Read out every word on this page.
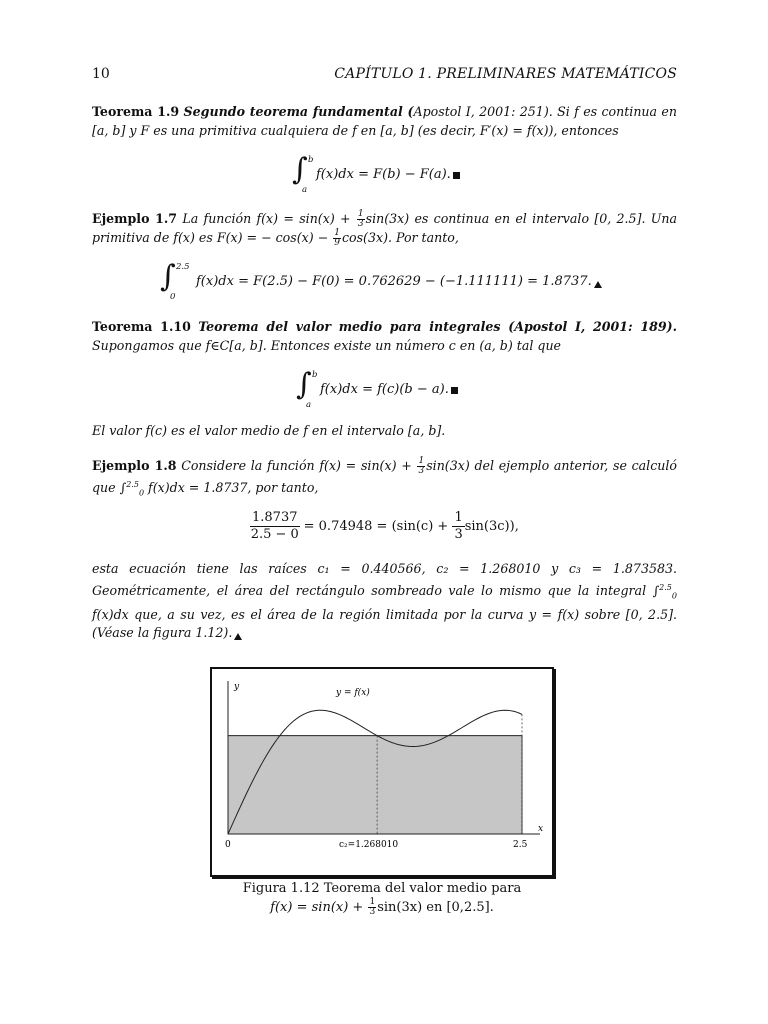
10	CAPÍTULO 1. PRELIMINARES MATEMÁTICOS
Teorema 1.9 Segundo teorema fundamental (Apostol I, 2001: 251). Si f es continua en [a, b] y F es una primitiva cualquiera de f en [a, b] (es decir, F′(x) = f(x)), entonces
∫ b
a
f(x)dx = F(b) − F(a).
Ejemplo 1.7 La función $f(x) = \sin(x) + \frac{1}{3} \sin(3x)$ es continua en el intervalo [0, 2.5]. Una primitiva de f(x) es F(x) = − $\cos(x) - \frac{1}{9} \cos(3x)$. Por tanto,
∫ 2.5
0
f(x)dx = F(2.5) − F(0) = 0.762629 − (−1.111111) = 1.8737.
Teorema 1.10 Teorema del valor medio para integrales (Apostol I, 2001: 189). Supongamos que f∈C[a, b]. Entonces existe un número c en (a, b) tal que
∫ b
a
f(x)dx = f(c)(b − a).
El valor f(c) es el valor medio de f en el intervalo [a, b].
Ejemplo 1.8 Considere la función $f(x) = \sin(x) + \frac{1}{3} \sin(3x)$ del ejemplo anterior, se calculó que ∫$^{2.5}_0$ f(x)dx = 1.8737, por tanto,
$\frac{1.8737}{2.5 - 0} = 0.74948 = (\sin(c) + \frac{1}{3} \sin(3c))$,
esta ecuación tiene las raíces c₁ = 0.440566, c₂ = 1.268010 y c₃ = 1.873583. Geométricamente, el área del rectángulo sombreado vale lo mismo que la integral ∫$^{2.5}_0$ f(x)dx que, a su vez, es el área de la región limitada por la curva y = f(x) sobre [0, 2.5]. (Véase la figura 1.12).
y
x
y = f(x)
0	c₂=1.268010	2.5
Figura 1.12 Teorema del valor medio para
$f(x) = \sin(x) + \frac{1}{3} \sin(3x)$ en [0,2.5].
